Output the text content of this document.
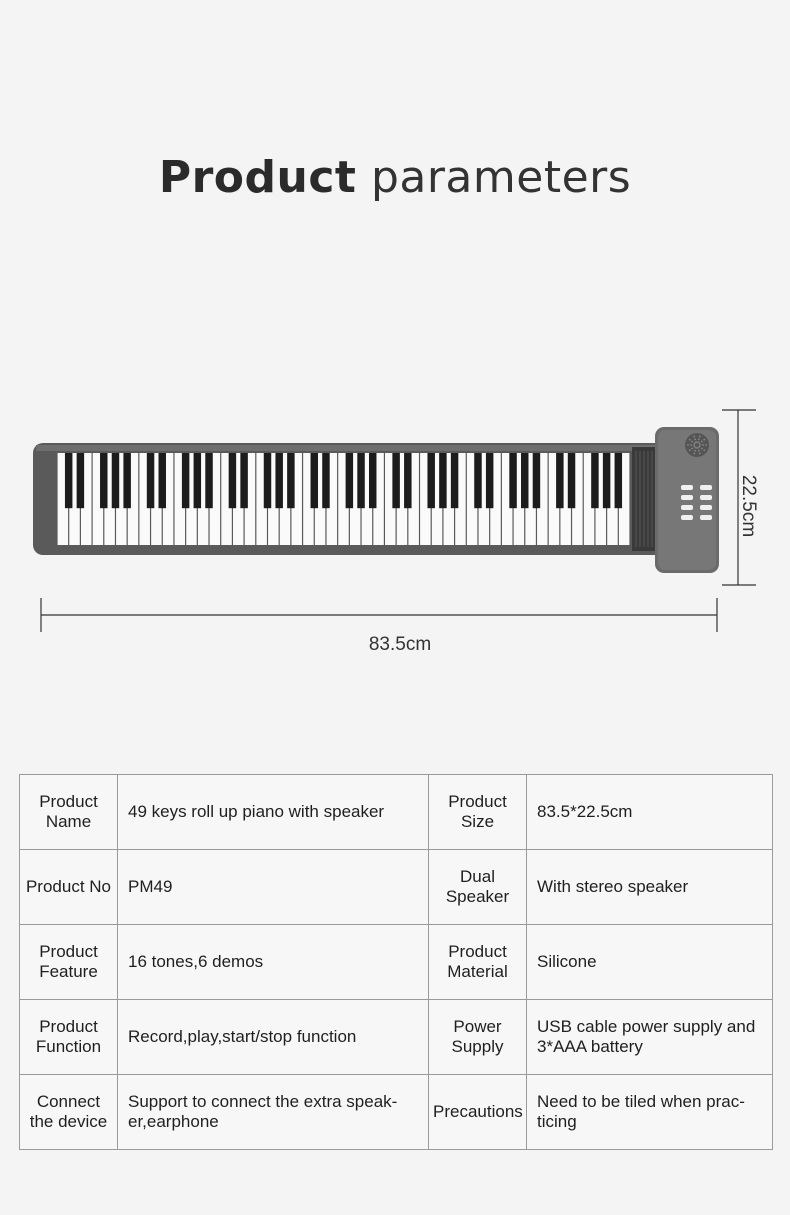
Product parameters
83.5cm
22.5cm
Product Name	49 keys roll up piano with speaker	Product Size	83.5*22.5cm
Product No	PM49	Dual Speaker	With stereo speaker
Product Feature	16 tones,6 demos	Product Material	Silicone
Product Function	Record,play,start/stop function	Power Supply	USB cable power supply and 3*AAA battery
Connect the device	Support to connect the extra speak-er,earphone	Precautions	Need to be tiled when prac-ticing
